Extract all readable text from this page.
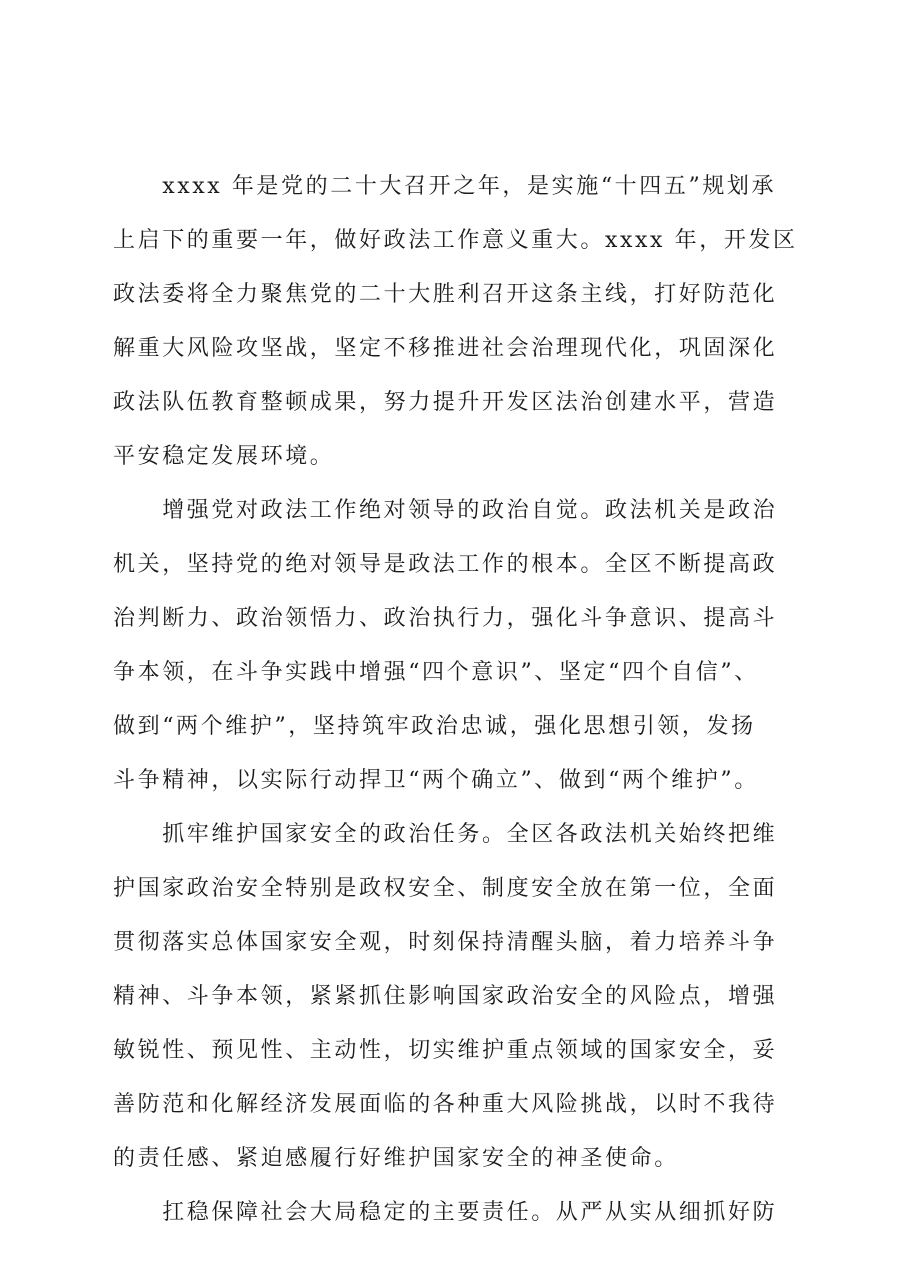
　　xxxx 年是党的二十大召开之年，是实施“十四五”规划承
上启下的重要一年，做好政法工作意义重大。xxxx 年，开发区
政法委将全力聚焦党的二十大胜利召开这条主线，打好防范化
解重大风险攻坚战，坚定不移推进社会治理现代化，巩固深化
政法队伍教育整顿成果，努力提升开发区法治创建水平，营造
平安稳定发展环境。
　　增强党对政法工作绝对领导的政治自觉。政法机关是政治
机关，坚持党的绝对领导是政法工作的根本。全区不断提高政
治判断力、政治领悟力、政治执行力，强化斗争意识、提高斗
争本领，在斗争实践中增强“四个意识”、坚定“四个自信”、
做到“两个维护”，坚持筑牢政治忠诚，强化思想引领，发扬
斗争精神，以实际行动捍卫“两个确立”、做到“两个维护”。
　　抓牢维护国家安全的政治任务。全区各政法机关始终把维
护国家政治安全特别是政权安全、制度安全放在第一位，全面
贯彻落实总体国家安全观，时刻保持清醒头脑，着力培养斗争
精神、斗争本领，紧紧抓住影响国家政治安全的风险点，增强
敏锐性、预见性、主动性，切实维护重点领域的国家安全，妥
善防范和化解经济发展面临的各种重大风险挑战，以时不我待
的责任感、紧迫感履行好维护国家安全的神圣使命。
　　扛稳保障社会大局稳定的主要责任。从严从实从细抓好防
